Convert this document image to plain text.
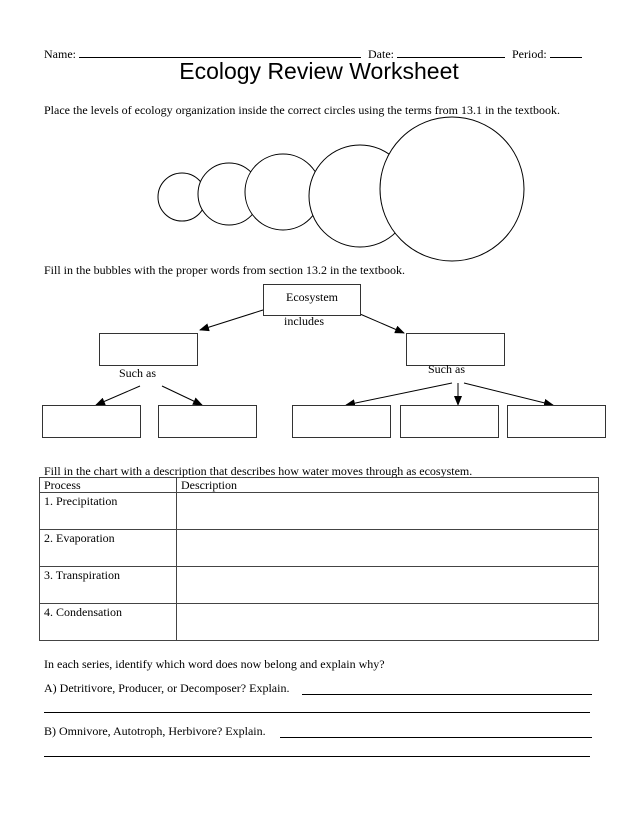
Name:	Date:	Period:
Ecology Review Worksheet
Place the levels of ecology organization inside the correct circles using the terms from 13.1 in the textbook.
Fill in the bubbles with the proper words from section 13.2 in the textbook.
Ecosystem
includes
Such as	Such as
Fill in the chart with a description that describes how water moves through as ecosystem.
Process	Description
1. Precipitation	
2. Evaporation	
3. Transpiration	
4. Condensation	
In each series, identify which word does now belong and explain why?
A) Detritivore, Producer, or Decomposer? Explain.
B) Omnivore, Autotroph, Herbivore? Explain.
